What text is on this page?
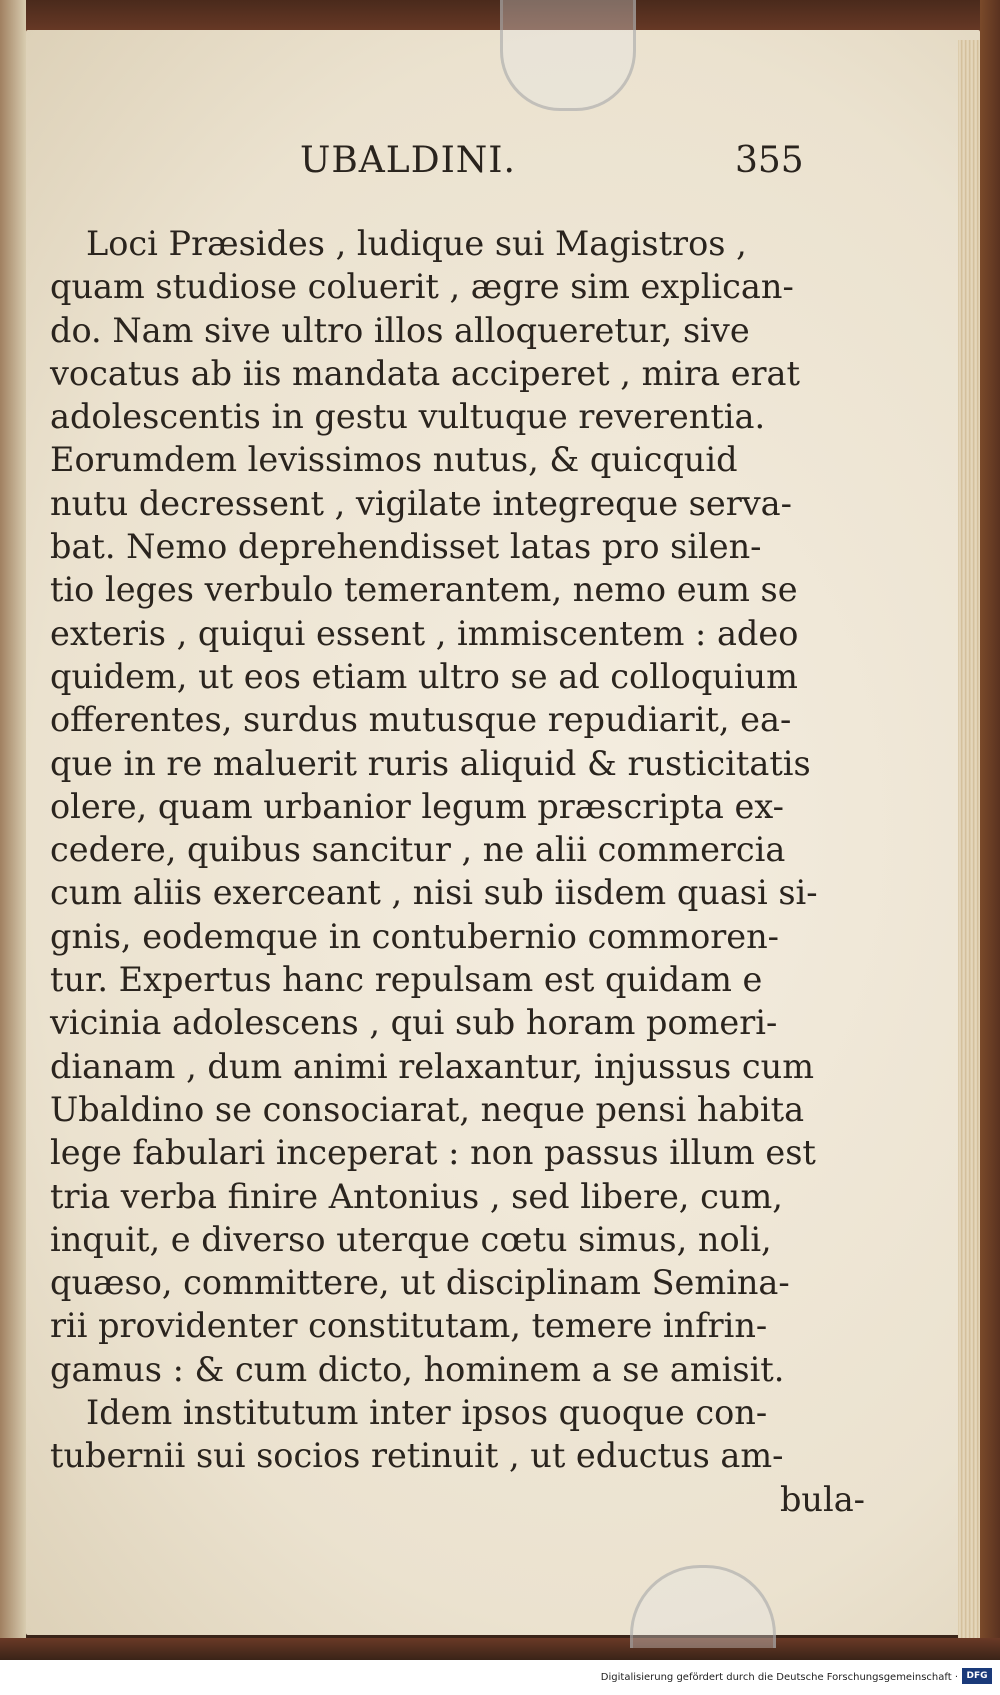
UBALDINI.	355
Loci Præsides , ludique sui Magistros ,
quam studiose coluerit , ægre sim explican-
do. Nam sive ultro illos alloqueretur, sive
vocatus ab iis mandata acciperet , mira erat
adolescentis in gestu vultuque reverentia.
Eorumdem levissimos nutus, & quicquid
nutu decressent , vigilate integreque serva-
bat. Nemo deprehendisset latas pro silen-
tio leges verbulo temerantem, nemo eum se
exteris , quiqui essent , immiscentem : adeo
quidem, ut eos etiam ultro se ad colloquium
offerentes, surdus mutusque repudiarit, ea-
que in re maluerit ruris aliquid & rusticitatis
olere, quam urbanior legum præscripta ex-
cedere, quibus sancitur , ne alii commercia
cum aliis exerceant , nisi sub iisdem quasi si-
gnis, eodemque in contubernio commoren-
tur. Expertus hanc repulsam est quidam e
vicinia adolescens , qui sub horam pomeri-
dianam , dum animi relaxantur, injussus cum
Ubaldino se consociarat, neque pensi habita
lege fabulari inceperat : non passus illum est
tria verba finire Antonius , sed libere, cum,
inquit, e diverso uterque cœtu simus, noli,
quæso, committere, ut disciplinam Semina-
rii providenter constitutam, temere infrin-
gamus : & cum dicto, hominem a se amisit.
Idem institutum inter ipsos quoque con-
tubernii sui socios retinuit , ut eductus am-
bula-
Digitalisierung gefördert durch die Deutsche Forschungsgemeinschaft · DFG
